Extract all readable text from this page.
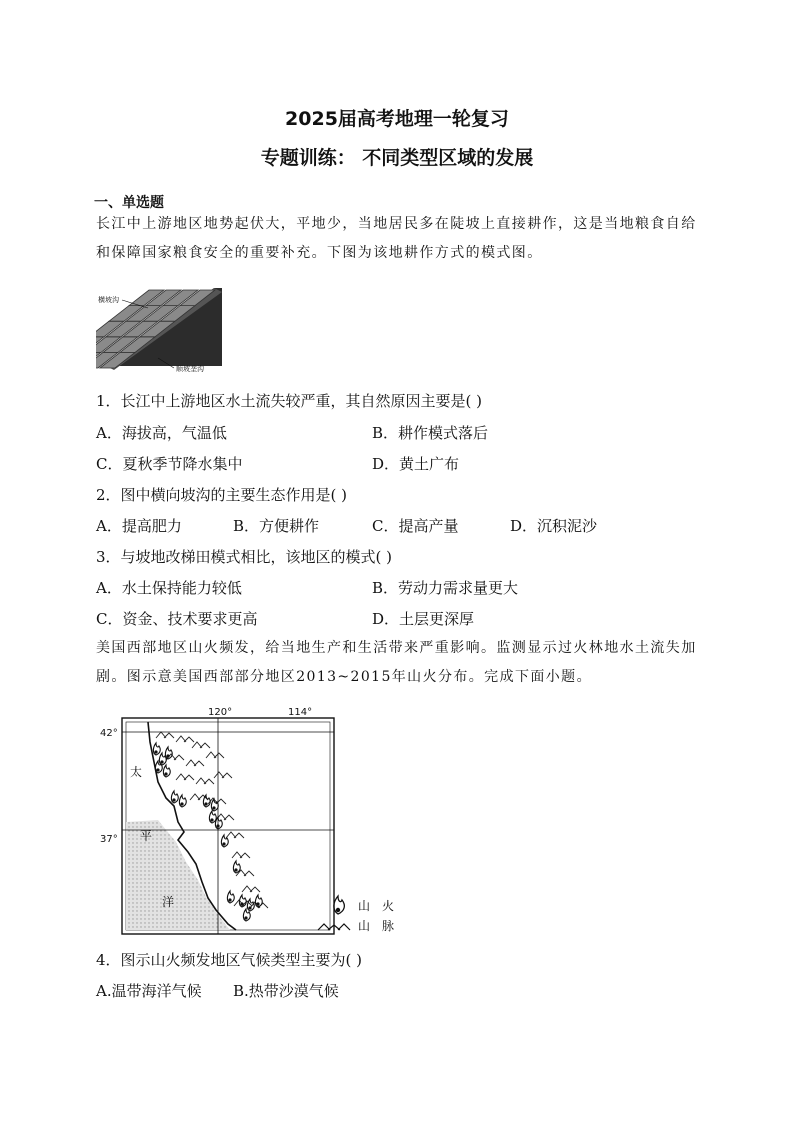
2025届高考地理一轮复习
专题训练： 不同类型区域的发展
一、单选题
长江中上游地区地势起伏大，平地少，当地居民多在陡坡上直接耕作，这是当地粮食自给和保障国家粮食安全的重要补充。下图为该地耕作方式的模式图。
横坡沟
顺坡垄沟
1．长江中上游地区水土流失较严重，其自然原因主要是( )
A．海拔高，气温低	B．耕作模式落后
C．夏秋季节降水集中	D．黄土广布
2．图中横向坡沟的主要生态作用是( )
A．提高肥力	B．方便耕作	C．提高产量	D．沉积泥沙
3．与坡地改梯田模式相比，该地区的模式( )
A．水土保持能力较低	B．劳动力需求量更大
C．资金、技术要求更高	D．土层更深厚
美国西部地区山火频发，给当地生产和生活带来严重影响。监测显示过火林地水土流失加剧。图示意美国西部部分地区2013~2015年山火分布。完成下面小题。
120°	114°
42°
37°
太
平
洋	山　火
山　脉
4．图示山火频发地区气候类型主要为( )
A.温带海洋气候 B.热带沙漠气候
